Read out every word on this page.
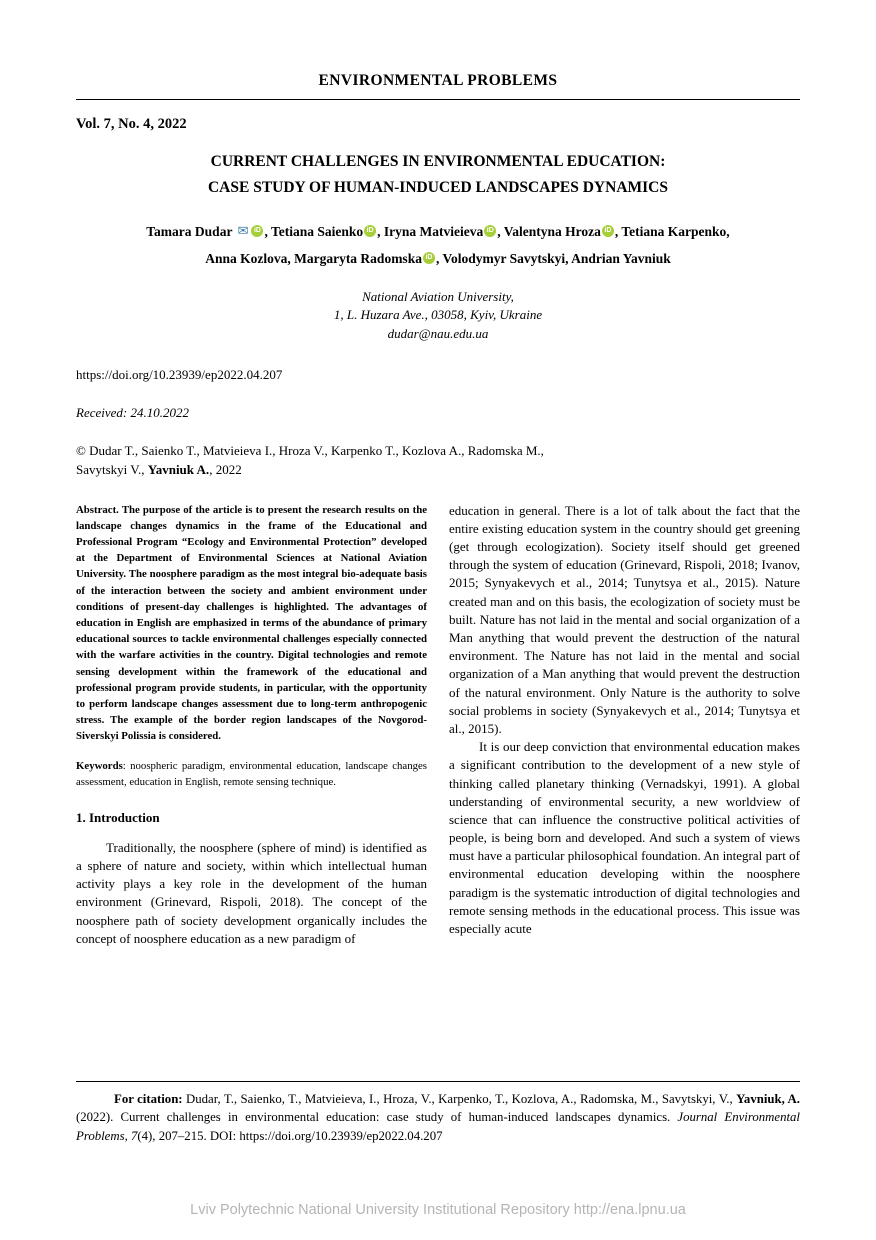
ENVIRONMENTAL PROBLEMS
Vol. 7, No. 4, 2022
CURRENT CHALLENGES IN ENVIRONMENTAL EDUCATION:
CASE STUDY OF HUMAN-INDUCED LANDSCAPES DYNAMICS
Tamara Dudar ✉ iD , Tetiana Saienko iD , Iryna Matvieieva iD , Valentyna Hroza iD , Tetiana Karpenko,
Anna Kozlova, Margaryta Radomska iD , Volodymyr Savytskyi, Andrian Yavniuk
National Aviation University,
1, L. Huzara Ave., 03058, Kyiv, Ukraine
dudar@nau.edu.ua
https://doi.org/10.23939/ep2022.04.207
Received: 24.10.2022
© Dudar T., Saienko T., Matvieieva I., Hroza V., Karpenko T., Kozlova A., Radomska M.,
Savytskyi V., Yavniuk A., 2022

Abstract. The purpose of the article is to present the research results on the landscape changes dynamics in the frame of the Educational and Professional Program “Ecology and Environmental Protection” developed at the Department of Environmental Sciences at National Aviation University. The noosphere paradigm as the most integral bio-adequate basis of the interaction between the society and ambient environment under conditions of present-day challenges is highlighted. The advantages of education in English are emphasized in terms of the abundance of primary educational sources to tackle environmental challenges especially connected with the warfare activities in the country. Digital technologies and remote sensing development within the framework of the educational and professional program provide students, in particular, with the opportunity to perform landscape changes assessment due to long-term anthropogenic stress. The example of the border region landscapes of the Novgorod-Siverskyi Polissia is considered.

Keywords: noospheric paradigm, environmental education, landscape changes assessment, education in English, remote sensing technique.

1. Introduction

Traditionally, the noosphere (sphere of mind) is identified as a sphere of nature and society, within which intellectual human activity plays a key role in the development of the human environment (Grinevard, Rispoli, 2018). The concept of the noosphere path of society development organically includes the concept of noosphere education as a new paradigm of

education in general. There is a lot of talk about the fact that the entire existing education system in the country should get greening (get through ecologization). Society itself should get greened through the system of education (Grinevard, Rispoli, 2018; Ivanov, 2015; Synyakevych et al., 2014; Tunytsya et al., 2015). Nature created man and on this basis, the ecologization of society must be built. Nature has not laid in the mental and social organization of a Man anything that would prevent the destruction of the natural environment. The Nature has not laid in the mental and social organization of a Man anything that would prevent the destruction of the natural environment. Only Nature is the authority to solve social problems in society (Synyakevych et al., 2014; Tunytsya et al., 2015).

It is our deep conviction that environmental education makes a significant contribution to the development of a new style of thinking called planetary thinking (Vernadskyi, 1991). A global understanding of environmental security, a new worldview of science that can influence the constructive political activities of people, is being born and developed. And such a system of views must have a particular philosophical foundation. An integral part of environmental education developing within the noosphere paradigm is the systematic introduction of digital technologies and remote sensing methods in the educational process. This issue was especially acute

For citation: Dudar, T., Saienko, T., Matvieieva, I., Hroza, V., Karpenko, T., Kozlova, A., Radomska, M., Savytskyi, V., Yavniuk, A. (2022). Current challenges in environmental education: case study of human-induced landscapes dynamics. Journal Environmental Problems, 7(4), 207–215. DOI: https://doi.org/10.23939/ep2022.04.207

Lviv Polytechnic National University Institutional Repository http://ena.lpnu.ua
